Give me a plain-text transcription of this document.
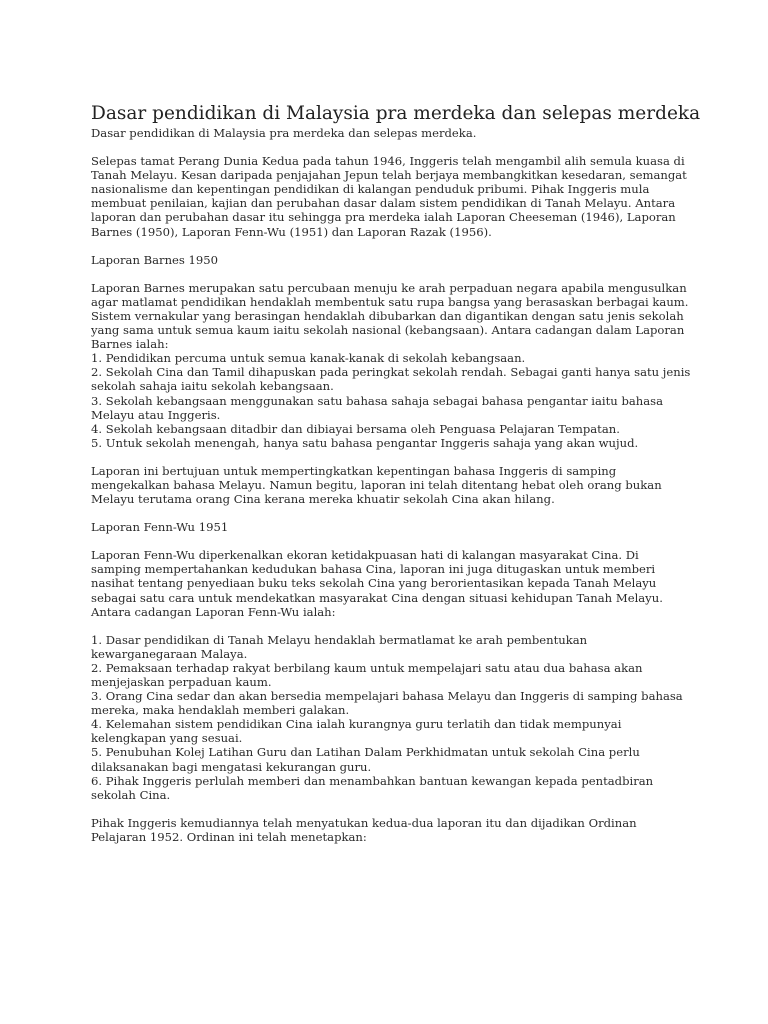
Dasar pendidikan di Malaysia pra merdeka dan selepas merdeka

Dasar pendidikan di Malaysia pra merdeka dan selepas merdeka.

Selepas tamat Perang Dunia Kedua pada tahun 1946, Inggeris telah mengambil alih semula kuasa di Tanah Melayu. Kesan daripada penjajahan Jepun telah berjaya membangkitkan kesedaran, semangat nasionalisme dan kepentingan pendidikan di kalangan penduduk pribumi. Pihak Inggeris mula membuat penilaian, kajian dan perubahan dasar dalam sistem pendidikan di Tanah Melayu. Antara laporan dan perubahan dasar itu sehingga pra merdeka ialah Laporan Cheeseman (1946), Laporan Barnes (1950), Laporan Fenn-Wu (1951) dan Laporan Razak (1956).

Laporan Barnes 1950

Laporan Barnes merupakan satu percubaan menuju ke arah perpaduan negara apabila mengusulkan agar matlamat pendidikan hendaklah membentuk satu rupa bangsa yang berasaskan berbagai kaum. Sistem vernakular yang berasingan hendaklah dibubarkan dan digantikan dengan satu jenis sekolah yang sama untuk semua kaum iaitu sekolah nasional (kebangsaan). Antara cadangan dalam Laporan Barnes ialah:
1. Pendidikan percuma untuk semua kanak-kanak di sekolah kebangsaan.
2. Sekolah Cina dan Tamil dihapuskan pada peringkat sekolah rendah. Sebagai ganti hanya satu jenis sekolah sahaja iaitu sekolah kebangsaan.
3. Sekolah kebangsaan menggunakan satu bahasa sahaja sebagai bahasa pengantar iaitu bahasa Melayu atau Inggeris.
4. Sekolah kebangsaan ditadbir dan dibiayai bersama oleh Penguasa Pelajaran Tempatan.
5. Untuk sekolah menengah, hanya satu bahasa pengantar Inggeris sahaja yang akan wujud.

Laporan ini bertujuan untuk mempertingkatkan kepentingan bahasa Inggeris di samping mengekalkan bahasa Melayu. Namun begitu, laporan ini telah ditentang hebat oleh orang bukan Melayu terutama orang Cina kerana mereka khuatir sekolah Cina akan hilang.

Laporan Fenn-Wu 1951

Laporan Fenn-Wu diperkenalkan ekoran ketidakpuasan hati di kalangan masyarakat Cina. Di samping mempertahankan kedudukan bahasa Cina, laporan ini juga ditugaskan untuk memberi nasihat tentang penyediaan buku teks sekolah Cina yang berorientasikan kepada Tanah Melayu sebagai satu cara untuk mendekatkan masyarakat Cina dengan situasi kehidupan Tanah Melayu. Antara cadangan Laporan Fenn-Wu ialah:

1. Dasar pendidikan di Tanah Melayu hendaklah bermatlamat ke arah pembentukan kewarganegaraan Malaya.
2. Pemaksaan terhadap rakyat berbilang kaum untuk mempelajari satu atau dua bahasa akan menjejaskan perpaduan kaum.
3. Orang Cina sedar dan akan bersedia mempelajari bahasa Melayu dan Inggeris di samping bahasa mereka, maka hendaklah memberi galakan.
4. Kelemahan sistem pendidikan Cina ialah kurangnya guru terlatih dan tidak mempunyai kelengkapan yang sesuai.
5. Penubuhan Kolej Latihan Guru dan Latihan Dalam Perkhidmatan untuk sekolah Cina perlu dilaksanakan bagi mengatasi kekurangan guru.
6. Pihak Inggeris perlulah memberi dan menambahkan bantuan kewangan kepada pentadbiran sekolah Cina.

Pihak Inggeris kemudiannya telah menyatukan kedua-dua laporan itu dan dijadikan Ordinan Pelajaran 1952. Ordinan ini telah menetapkan:
